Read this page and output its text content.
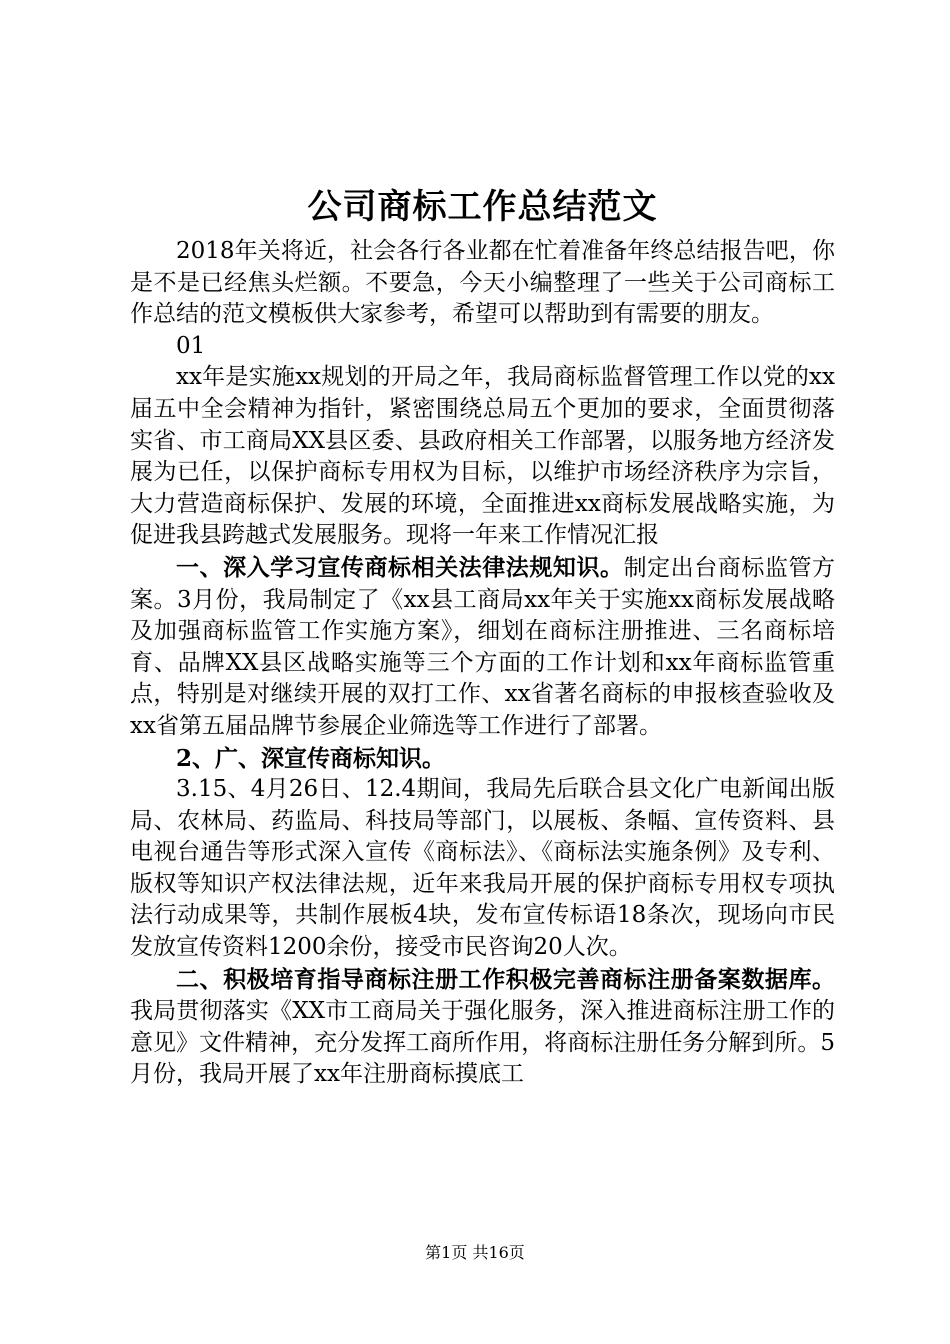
公司商标工作总结范文

2018年关将近，社会各行各业都在忙着准备年终总结报告吧，你是不是已经焦头烂额。不要急，今天小编整理了一些关于公司商标工作总结的范文模板供大家参考，希望可以帮助到有需要的朋友。

01

xx年是实施xx规划的开局之年，我局商标监督管理工作以党的xx届五中全会精神为指针，紧密围绕总局五个更加的要求，全面贯彻落实省、市工商局XX县区委、县政府相关工作部署，以服务地方经济发展为已任，以保护商标专用权为目标，以维护市场经济秩序为宗旨，大力营造商标保护、发展的环境，全面推进xx商标发展战略实施，为促进我县跨越式发展服务。现将一年来工作情况汇报

一、深入学习宣传商标相关法律法规知识。制定出台商标监管方案。3月份，我局制定了《xx县工商局xx年关于实施xx商标发展战略及加强商标监管工作实施方案》，细划在商标注册推进、三名商标培育、品牌XX县区战略实施等三个方面的工作计划和xx年商标监管重点，特别是对继续开展的双打工作、xx省著名商标的申报核查验收及xx省第五届品牌节参展企业筛选等工作进行了部署。

2、广、深宣传商标知识。

3.15、4月26日、12.4期间，我局先后联合县文化广电新闻出版局、农林局、药监局、科技局等部门，以展板、条幅、宣传资料、县电视台通告等形式深入宣传《商标法》、《商标法实施条例》及专利、版权等知识产权法律法规，近年来我局开展的保护商标专用权专项执法行动成果等，共制作展板4块，发布宣传标语18条次，现场向市民发放宣传资料1200余份，接受市民咨询20人次。

二、积极培育指导商标注册工作积极完善商标注册备案数据库。我局贯彻落实《XX市工商局关于强化服务，深入推进商标注册工作的意见》文件精神，充分发挥工商所作用，将商标注册任务分解到所。5月份，我局开展了xx年注册商标摸底工

第1页 共16页
